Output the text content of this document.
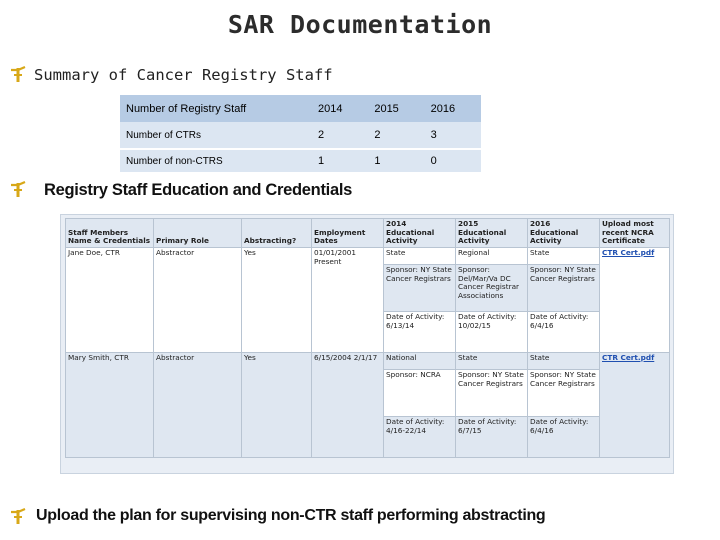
SAR Documentation
Summary of Cancer Registry Staff
Number of Registry Staff	2014	2015	2016
Number of CTRs	2	2	3
Number of non-CTRS	1	1	0
Registry Staff Education and Credentials
Staff Members Name & Credentials	Primary Role	Abstracting?	Employment Dates	2014 Educational Activity	2015 Educational Activity	2016 Educational Activity	Upload most recent NCRA Certificate
Jane Doe, CTR	Abstractor	Yes	01/01/2001 Present	State	Regional	State	CTR Cert.pdf
				Sponsor: NY State Cancer Registrars	Sponsor: Del/Mar/Va DC Cancer Registrar Associations	Sponsor: NY State Cancer Registrars	
				Date of Activity: 6/13/14	Date of Activity: 10/02/15	Date of Activity: 6/4/16	
Mary Smith, CTR	Abstractor	Yes	6/15/2004 2/1/17	National	State	State	CTR Cert.pdf
				Sponsor: NCRA	Sponsor: NY State Cancer Registrars	Sponsor: NY State Cancer Registrars	
				Date of Activity: 4/16-22/14	Date of Activity: 6/7/15	Date of Activity: 6/4/16	
Upload the plan for supervising non-CTR staff performing abstracting
